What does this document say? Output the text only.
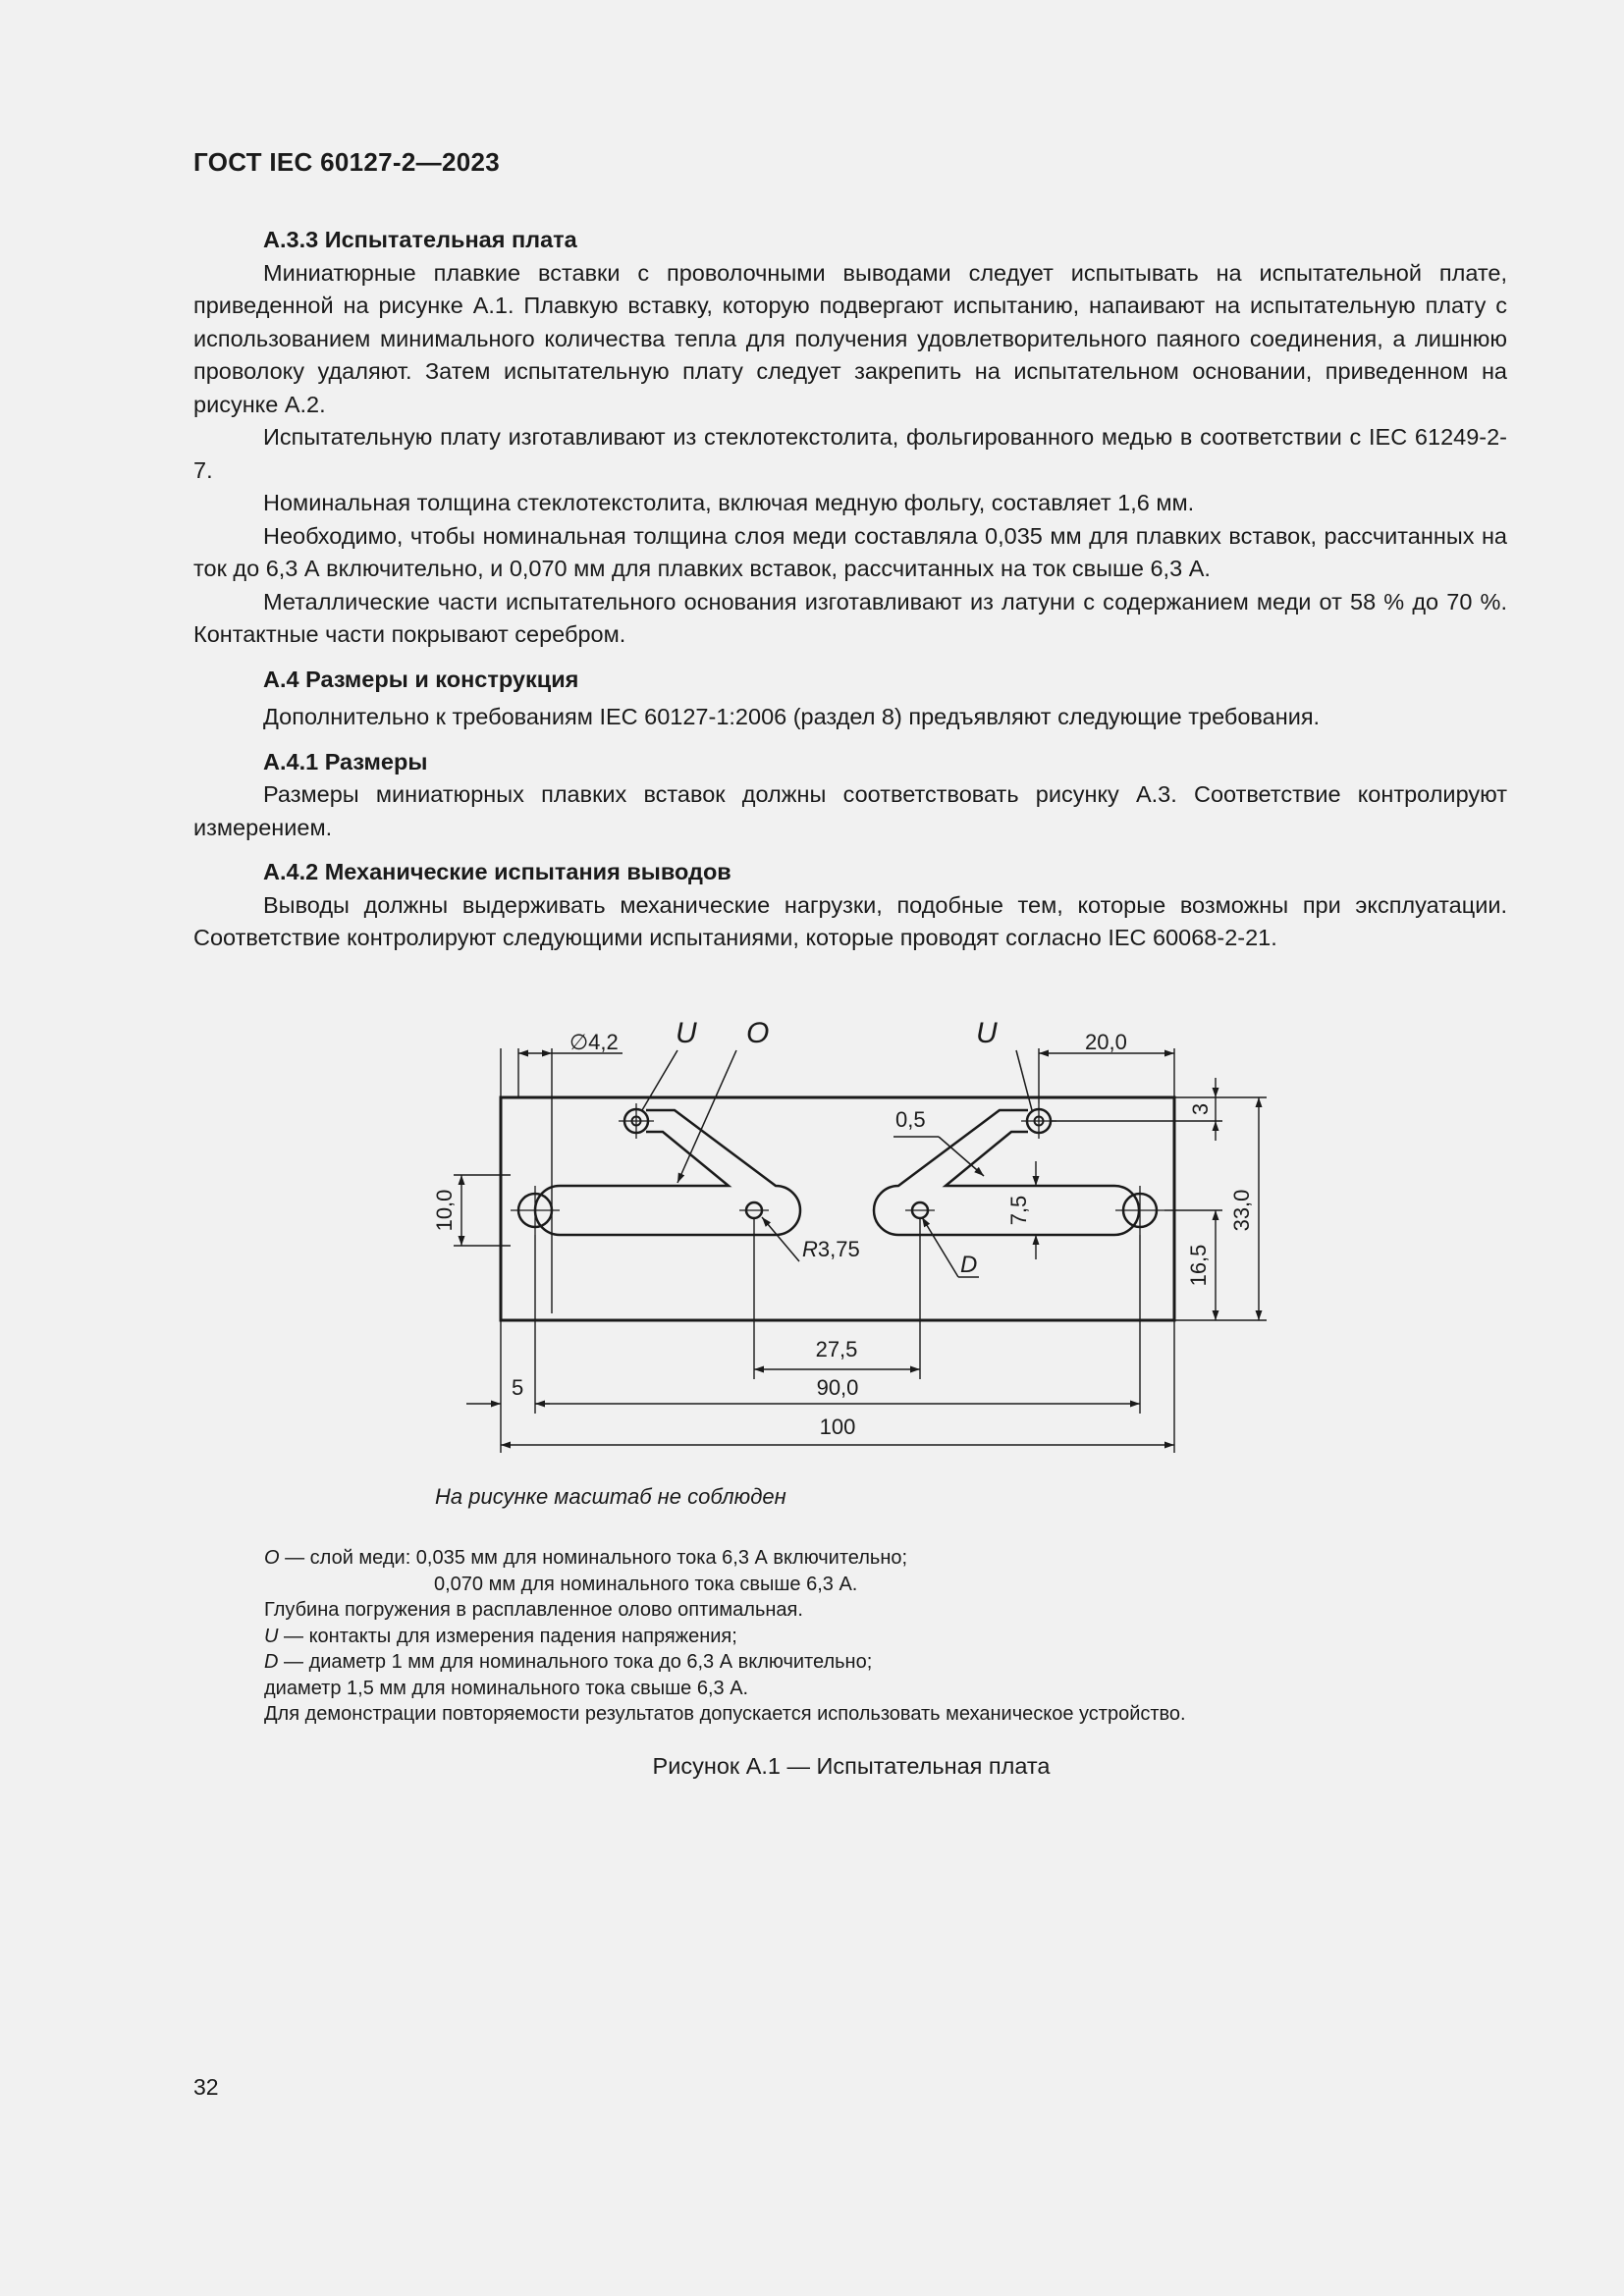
ГОСТ IEC 60127-2—2023
А.3.3 Испытательная плата

Миниатюрные плавкие вставки с проволочными выводами следует испытывать на испытательной плате, приведенной на рисунке А.1. Плавкую вставку, которую подвергают испытанию, напаивают на испытательную плату с использованием минимального количества тепла для получения удовлетворительного паяного соединения, а лишнюю проволоку удаляют. Затем испытательную плату следует закрепить на испытательном основании, приведенном на рисунке А.2.

Испытательную плату изготавливают из стеклотекстолита, фольгированного медью в соответствии с IEC 61249-2-7.

Номинальная толщина стеклотекстолита, включая медную фольгу, составляет 1,6 мм.

Необходимо, чтобы номинальная толщина слоя меди составляла 0,035 мм для плавких вставок, рассчитанных на ток до 6,3 А включительно, и 0,070 мм для плавких вставок, рассчитанных на ток свыше 6,3 А.

Металлические части испытательного основания изготавливают из латуни с содержанием меди от 58 % до 70 %. Контактные части покрывают серебром.

А.4 Размеры и конструкция

Дополнительно к требованиям IEC 60127-1:2006 (раздел 8) предъявляют следующие требования.

А.4.1 Размеры

Размеры миниатюрных плавких вставок должны соответствовать рисунку А.3. Соответствие контролируют измерением.

А.4.2 Механические испытания выводов

Выводы должны выдерживать механические нагрузки, подобные тем, которые возможны при эксплуатации. Соответствие контролируют следующими испытаниями, которые проводят согласно IEC 60068-2-21.

U O	U
∅4,2	20,0
3
0,5
10,0	7,5	33,0
16,5
R3,75
D
27,5
5	90,0
100
На рисунке масштаб не соблюден
O — слой меди: 0,035 мм для номинального тока 6,3 А включительно;
0,070 мм для номинального тока свыше 6,3 А.
Глубина погружения в расплавленное олово оптимальная.
U — контакты для измерения падения напряжения;
D — диаметр 1 мм для номинального тока до 6,3 А включительно;
диаметр 1,5 мм для номинального тока свыше 6,3 А.
Для демонстрации повторяемости результатов допускается использовать механическое устройство.
Рисунок А.1 — Испытательная плата
32
